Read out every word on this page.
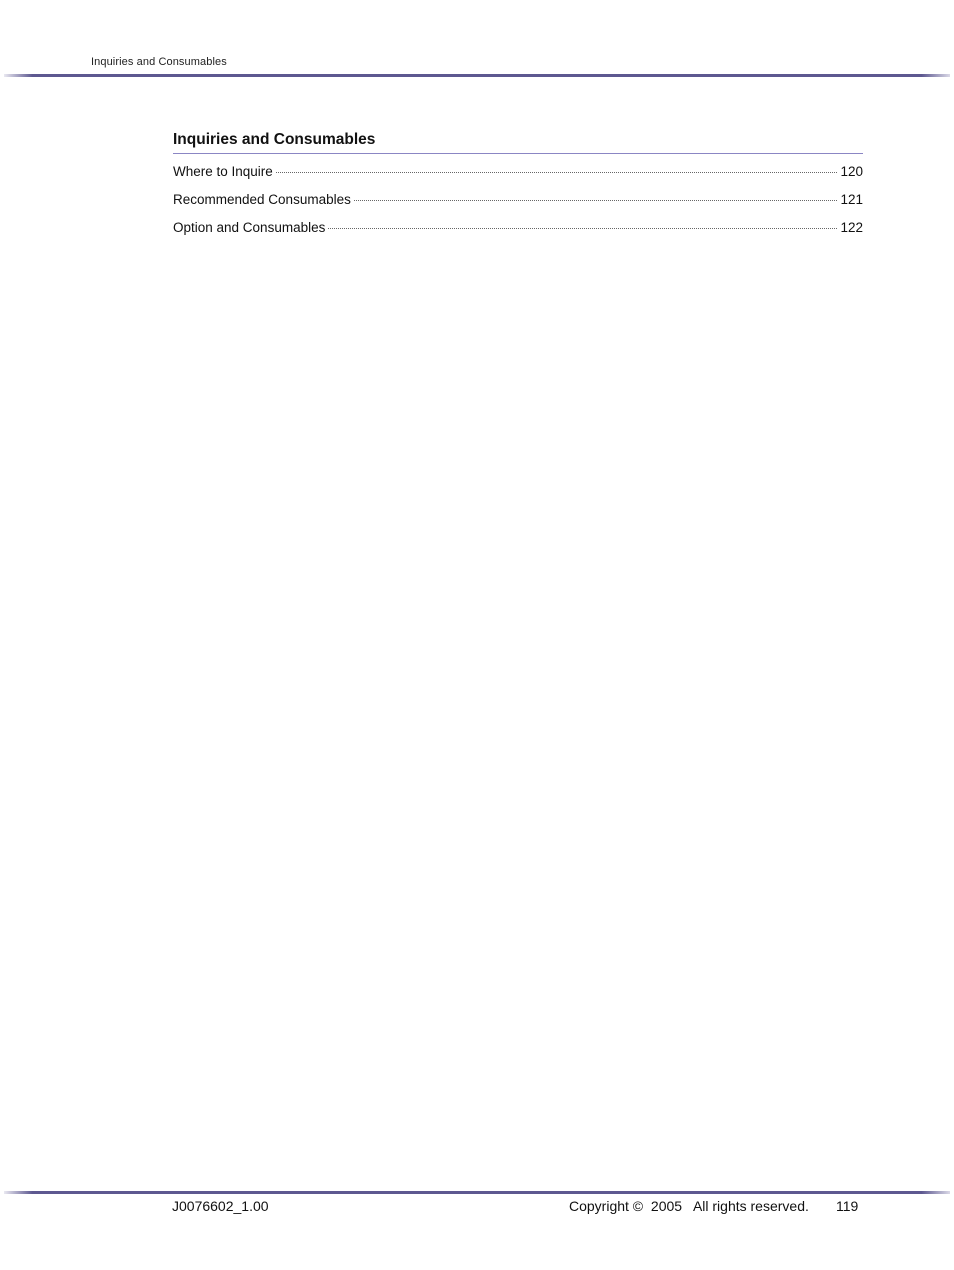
Inquiries and Consumables
Inquiries and Consumables
Where to Inquire	120
Recommended Consumables	121
Option and Consumables	122
J0076602_1.00	Copyright ©  2005   All rights reserved. 119
